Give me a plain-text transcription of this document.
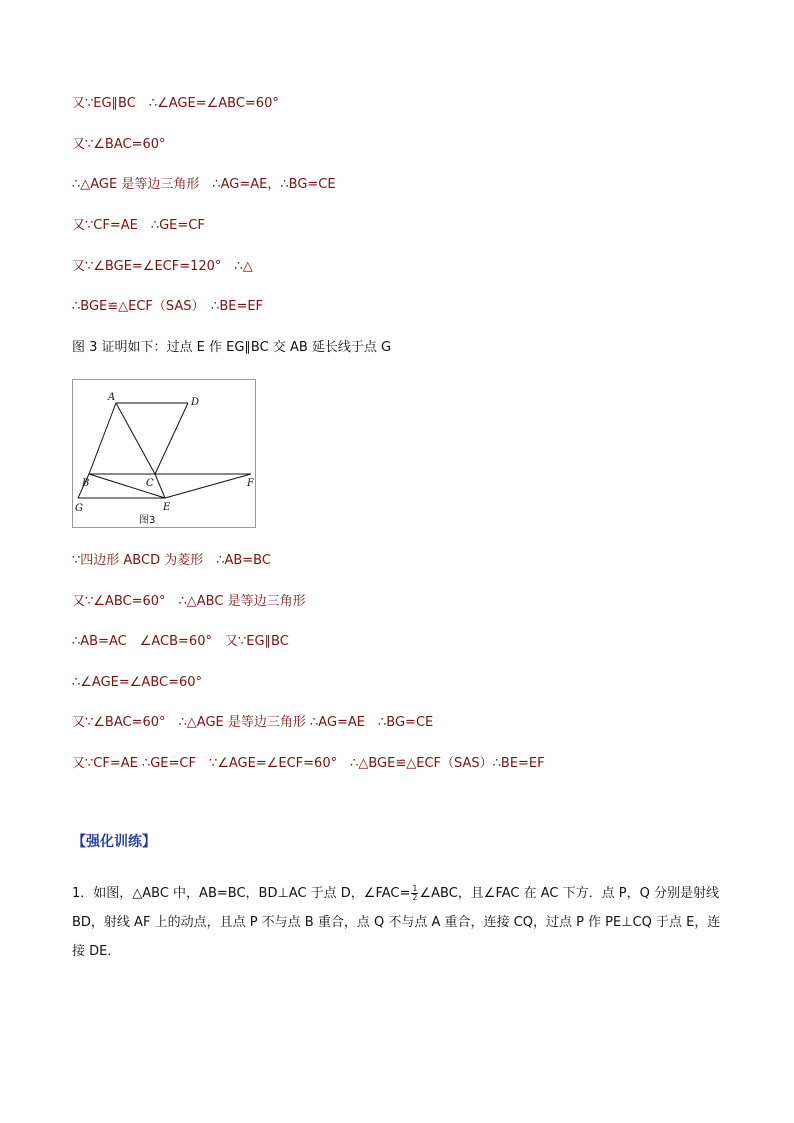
又∵EG∥BC　∴∠AGE=∠ABC=60°
又∵∠BAC=60°
∴△AGE 是等边三角形　∴AG=AE，∴BG=CE
又∵CF=AE　∴GE=CF
又∵∠BGE=∠ECF=120°　∴△
∴BGE≌△ECF（SAS）　∴BE=EF
图 3 证明如下：过点 E 作 EG∥BC 交 AB 延长线于点 G
A	D
B	C	F
G	E
图3
∵四边形 ABCD 为菱形　∴AB=BC
又∵∠ABC=60°　∴△ABC 是等边三角形
∴AB=AC　∠ACB=60°　又∵EG∥BC
∴∠AGE=∠ABC=60°
又∵∠BAC=60°　∴△AGE 是等边三角形 ∴AG=AE　∴BG=CE
又∵CF=AE ∴GE=CF　∵∠AGE=∠ECF=60°　∴△BGE≌△ECF（SAS）∴BE=EF
【强化训练】
1．如图，△ABC 中，AB=BC，BD⊥AC 于点 D，∠FAC= $\frac{1}{2}$ ∠ABC，且∠FAC 在 AC 下方．点 P，Q 分别是射线BD，射线 AF 上的动点，且点 P 不与点 B 重合，点 Q 不与点 A 重合，连接 CQ，过点 P 作 PE⊥CQ 于点 E，连接 DE．
